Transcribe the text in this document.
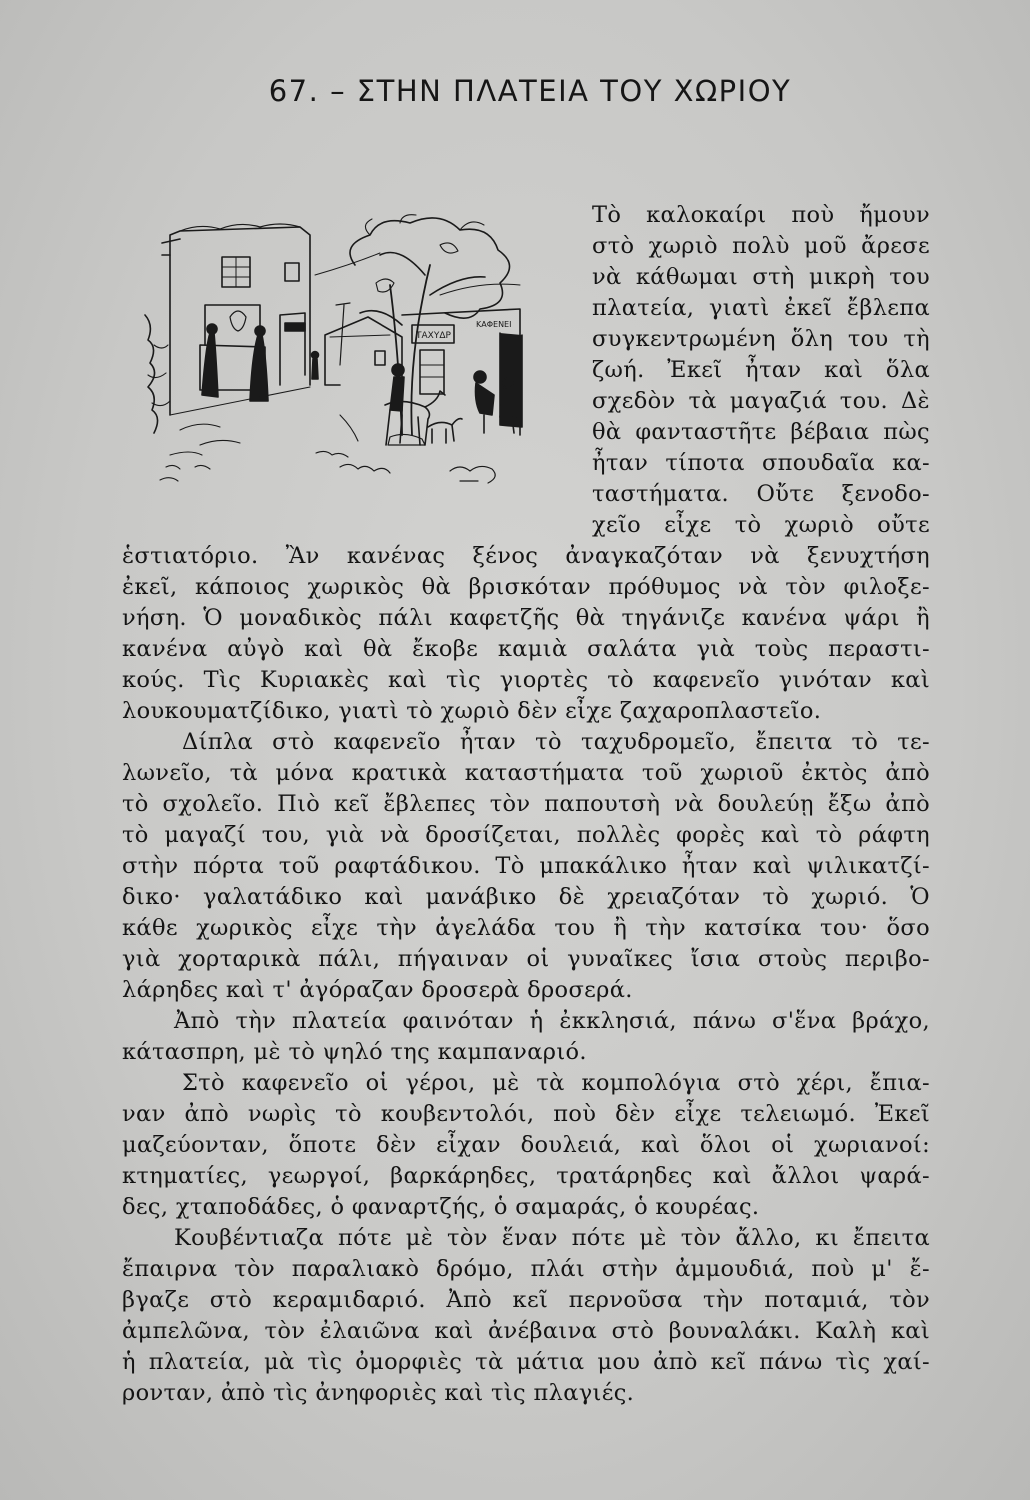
67. – ΣΤΗΝ ΠΛΑΤΕΙΑ ΤΟΥ ΧΩΡΙΟΥ
ΤΑΧΥΔΡ
ΚΑΦΕΝΕΙ
Τὸ καλοκαίρι ποὺ ἤμουν
στὸ χωριὸ πολὺ μοῦ ἄρεσε
νὰ κάθωμαι στὴ μικρὴ του
πλατεία, γιατὶ ἐκεῖ ἔβλεπα
συγκεντρωμένη ὅλη του τὴ
ζωή. Ἐκεῖ ἦταν καὶ ὅλα
σχεδὸν τὰ μαγαζιά του. Δὲ
θὰ φανταστῆτε βέβαια πὼς
ἦταν τίποτα σπουδαῖα κα-
ταστήματα. Οὔτε ξενοδο-
χεῖο εἶχε τὸ χωριὸ οὔτε
ἑστιατόριο. Ἂν κανένας ξένος ἀναγκαζόταν νὰ ξενυχτήση
ἐκεῖ, κάποιος χωρικὸς θὰ βρισκόταν πρόθυμος νὰ τὸν φιλοξε-
νήση. Ὁ μοναδικὸς πάλι καφετζῆς θὰ τηγάνιζε κανένα ψάρι ἢ
κανένα αὐγὸ καὶ θὰ ἔκοβε καμιὰ σαλάτα γιὰ τοὺς περαστι-
κούς. Τὶς Κυριακὲς καὶ τὶς γιορτὲς τὸ καφενεῖο γινόταν καὶ
λουκουματζίδικο, γιατὶ τὸ χωριὸ δὲν εἶχε ζαχαροπλαστεῖο.
Δίπλα στὸ καφενεῖο ἦταν τὸ ταχυδρομεῖο, ἔπειτα τὸ τε-
λωνεῖο, τὰ μόνα κρατικὰ καταστήματα τοῦ χωριοῦ ἐκτὸς ἀπὸ
τὸ σχολεῖο. Πιὸ κεῖ ἔβλεπες τὸν παπουτσὴ νὰ δουλεύῃ ἔξω ἀπὸ
τὸ μαγαζί του, γιὰ νὰ δροσίζεται, πολλὲς φορὲς καὶ τὸ ράφτη
στὴν πόρτα τοῦ ραφτάδικου. Τὸ μπακάλικο ἦταν καὶ ψιλικατζί-
δικο· γαλατάδικο καὶ μανάβικο δὲ χρειαζόταν τὸ χωριό. Ὁ
κάθε χωρικὸς εἶχε τὴν ἀγελάδα του ἢ τὴν κατσίκα του· ὅσο
γιὰ χορταρικὰ πάλι, πήγαιναν οἱ γυναῖκες ἴσια στοὺς περιβο-
λάρηδες καὶ τ' ἀγόραζαν δροσερὰ δροσερά.
Ἀπὸ τὴν πλατεία φαινόταν ἡ ἐκκλησιά, πάνω σ'ἕνα βράχο,
κάτασπρη, μὲ τὸ ψηλό της καμπαναριό.
Στὸ καφενεῖο οἱ γέροι, μὲ τὰ κομπολόγια στὸ χέρι, ἔπια-
ναν ἀπὸ νωρὶς τὸ κουβεντολόι, ποὺ δὲν εἶχε τελειωμό. Ἐκεῖ
μαζεύονταν, ὅποτε δὲν εἶχαν δουλειά, καὶ ὅλοι οἱ χωριανοί:
κτηματίες, γεωργοί, βαρκάρηδες, τρατάρηδες καὶ ἄλλοι ψαρά-
δες, χταποδάδες, ὁ φαναρτζής, ὁ σαμαράς, ὁ κουρέας.
Κουβέντιαζα πότε μὲ τὸν ἕναν πότε μὲ τὸν ἄλλο, κι ἔπειτα
ἔπαιρνα τὸν παραλιακὸ δρόμο, πλάι στὴν ἀμμουδιά, ποὺ μ' ἔ-
βγαζε στὸ κεραμιδαριό. Ἀπὸ κεῖ περνοῦσα τὴν ποταμιά, τὸν
ἀμπελῶνα, τὸν ἐλαιῶνα καὶ ἀνέβαινα στὸ βουναλάκι. Καλὴ καὶ
ἡ πλατεία, μὰ τὶς ὀμορφιὲς τὰ μάτια μου ἀπὸ κεῖ πάνω τὶς χαί-
ρονταν, ἀπὸ τὶς ἀνηφοριὲς καὶ τὶς πλαγιές.
